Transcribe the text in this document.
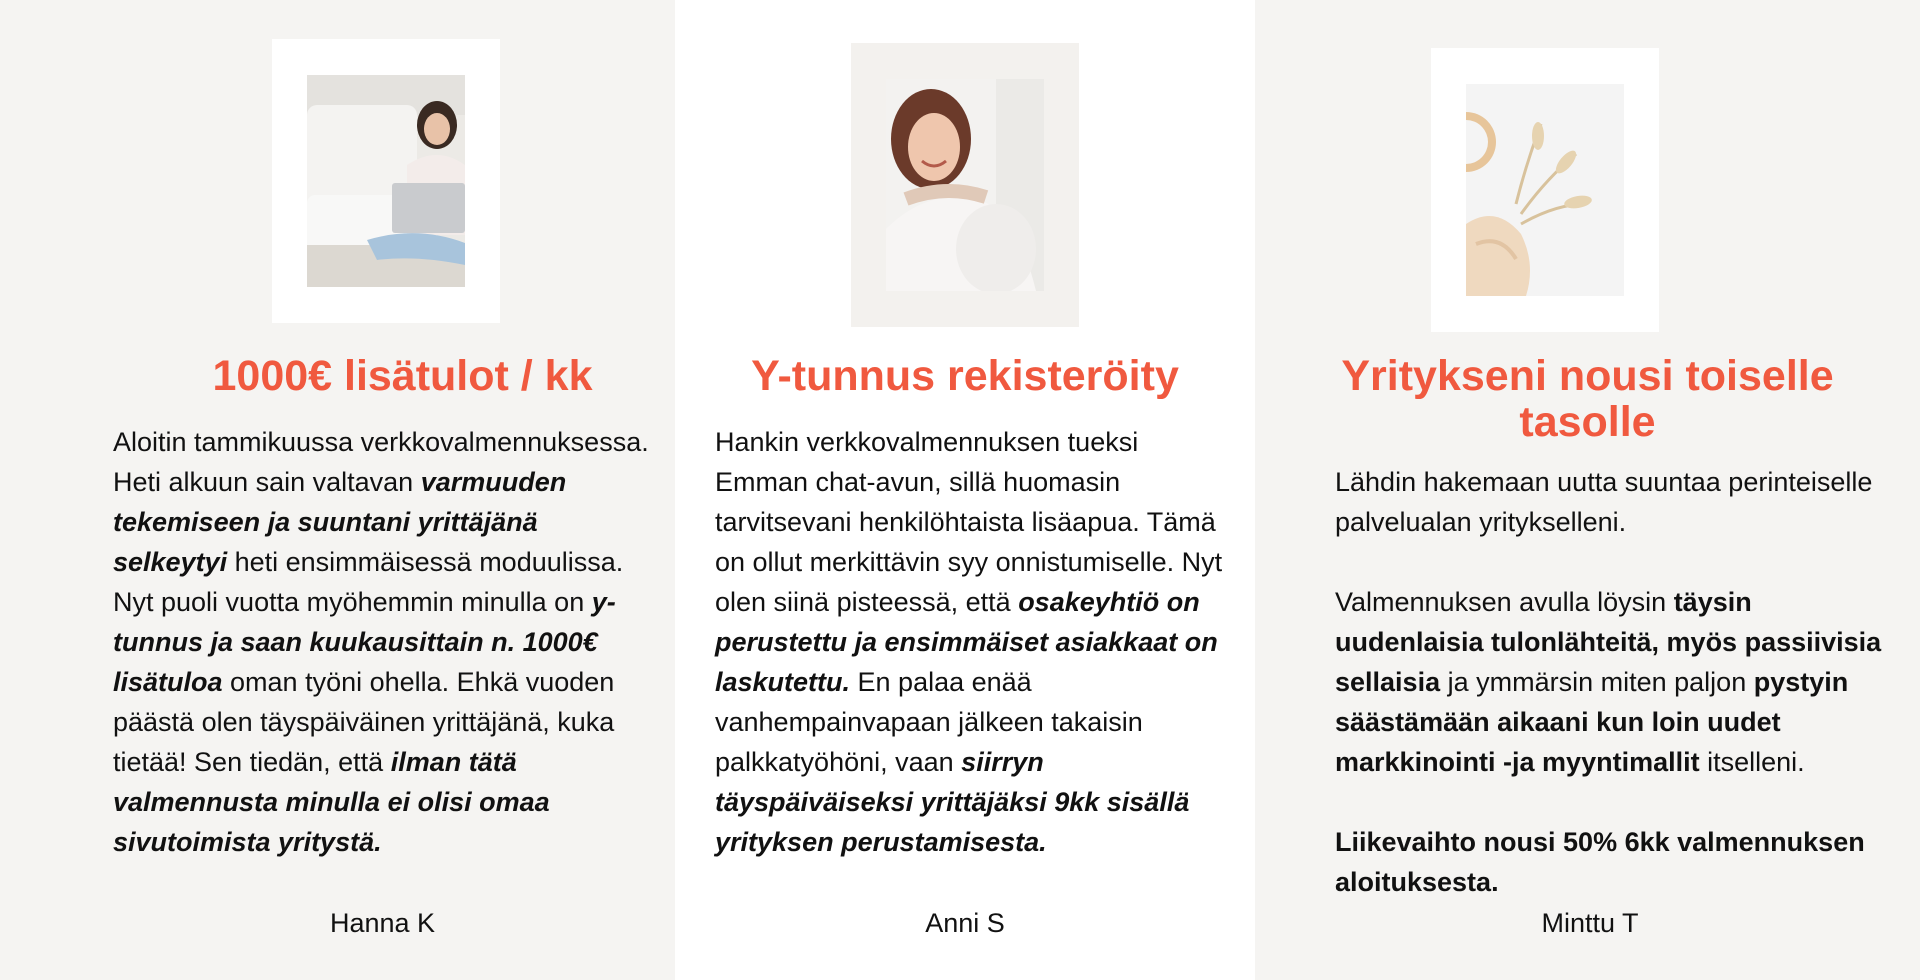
1000€ lisätulot / kk

Aloitin tammikuussa verkkovalmennuksessa. Heti alkuun sain valtavan varmuuden tekemiseen ja suuntani yrittäjänä selkeytyi heti ensimmäisessä moduulissa. Nyt puoli vuotta myöhemmin minulla on y-tunnus ja saan kuukausittain n. 1000€ lisätuloa oman työni ohella. Ehkä vuoden päästä olen täyspäiväinen yrittäjänä, kuka tietää! Sen tiedän, että ilman tätä valmennusta minulla ei olisi omaa sivutoimista yritystä.

Hanna K
Y-tunnus rekisteröity

Hankin verkkovalmennuksen tueksi Emman chat-avun, sillä huomasin tarvitsevani henkilöhtaista lisäapua. Tämä on ollut merkittävin syy onnistumiselle. Nyt olen siinä pisteessä, että osakeyhtiö on perustettu ja ensimmäiset asiakkaat on laskutettu. En palaa enää vanhempainvapaan jälkeen takaisin palkkatyöhöni, vaan siirryn täyspäiväiseksi yrittäjäksi 9kk sisällä yrityksen perustamisesta.

Anni S
Yritykseni nousi toiselle tasolle
Lähdin hakemaan uutta suuntaa perinteiselle palvelualan yritykselleni.
Valmennuksen avulla löysin täysin uudenlaisia tulonlähteitä, myös passiivisia sellaisia ja ymmärsin miten paljon pystyin säästämään aikaani kun loin uudet markkinointi -ja myyntimallit itselleni.
Liikevaihto nousi 50% 6kk valmennuksen aloituksesta.
Minttu T
